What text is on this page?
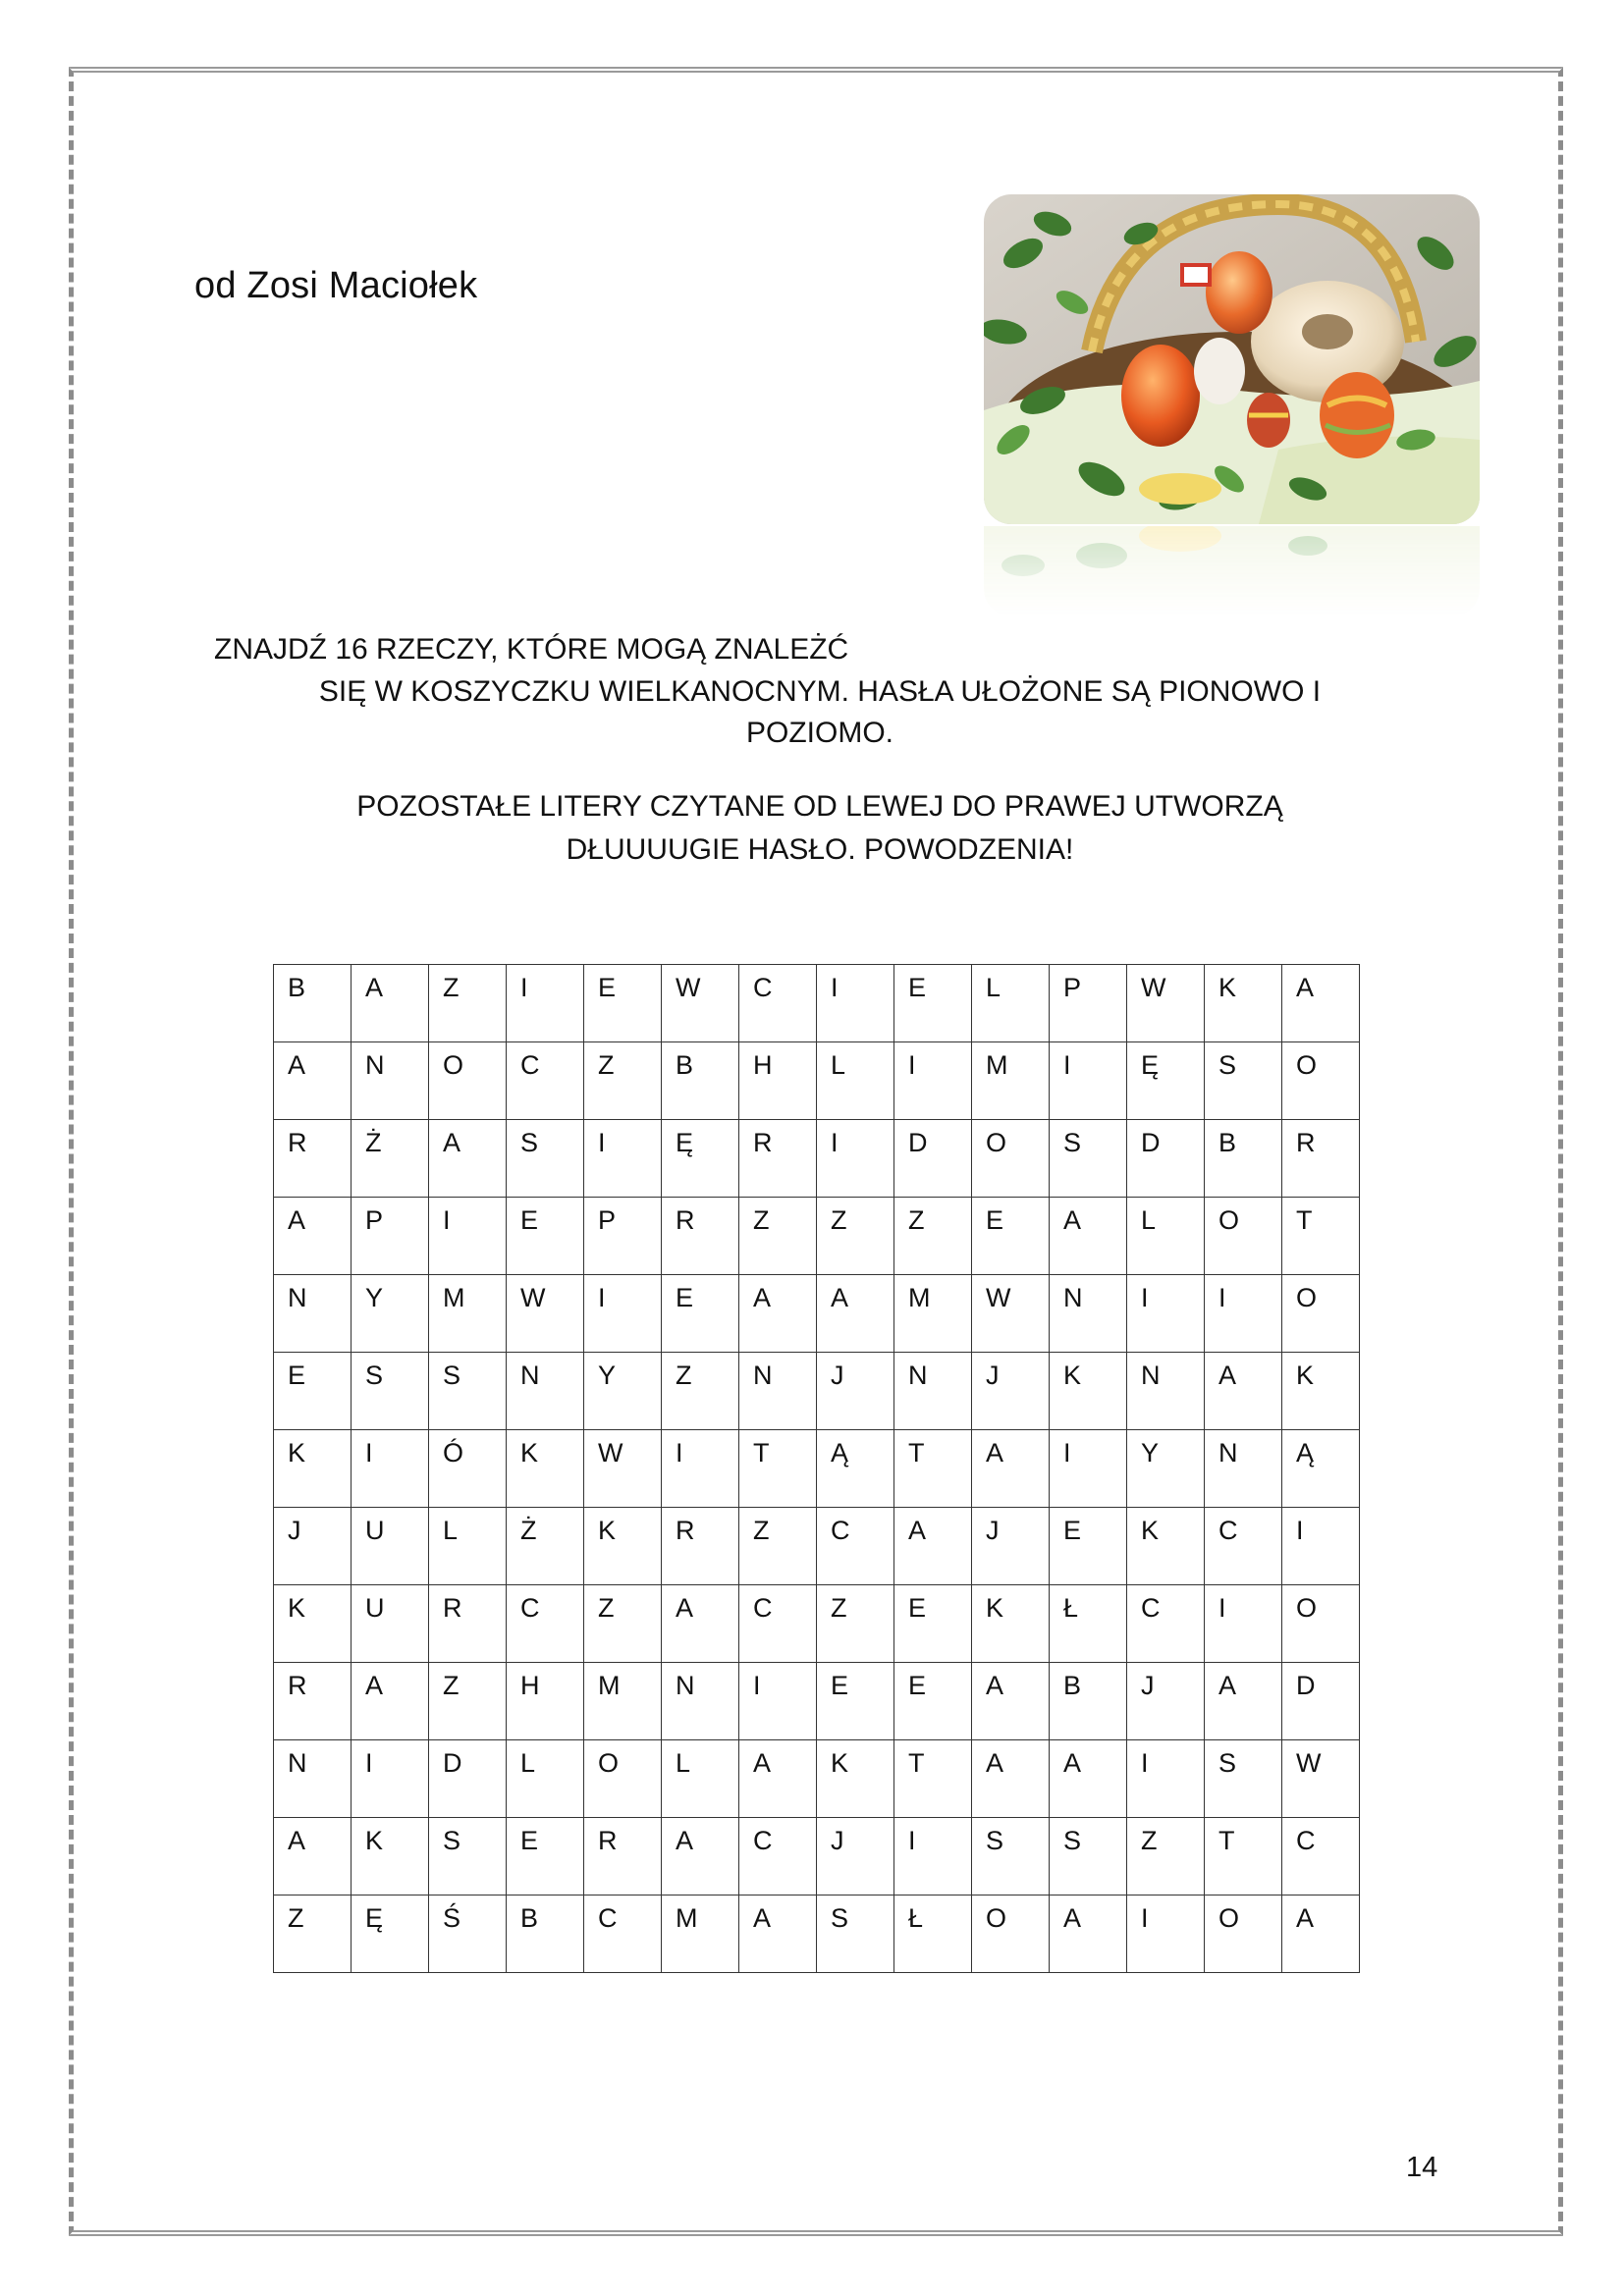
od Zosi Maciołek
ZNAJDŹ 16 RZECZY, KTÓRE MOGĄ ZNALEŻĆ
SIĘ W KOSZYCZKU WIELKANOCNYM. HASŁA UŁOŻONE SĄ PIONOWO I
POZIOMO.
POZOSTAŁE LITERY CZYTANE OD LEWEJ DO PRAWEJ UTWORZĄ
DŁUUUUGIE HASŁO. POWODZENIA!
B	A	Z	I	E	W	C	I	E	L	P	W	K	A

A	N	O	C	Z	B	H	L	I	M	I	Ę	S	O

R	Ż	A	S	I	Ę	R	I	D	O	S	D	B	R

A	P	I	E	P	R	Z	Z	Z	E	A	L	O	T

N	Y	M	W	I	E	A	A	M	W	N	I	I	O

E	S	S	N	Y	Z	N	J	N	J	K	N	A	K

K	I	Ó	K	W	I	T	Ą	T	A	I	Y	N	Ą

J	U	L	Ż	K	R	Z	C	A	J	E	K	C	I

K	U	R	C	Z	A	C	Z	E	K	Ł	C	I	O

R	A	Z	H	M	N	I	E	E	A	B	J	A	D

N	I	D	L	O	L	A	K	T	A	A	I	S	W

A	K	S	E	R	A	C	J	I	S	S	Z	T	C

Z	Ę	Ś	B	C	M	A	S	Ł	O	A	I	O	A
14
